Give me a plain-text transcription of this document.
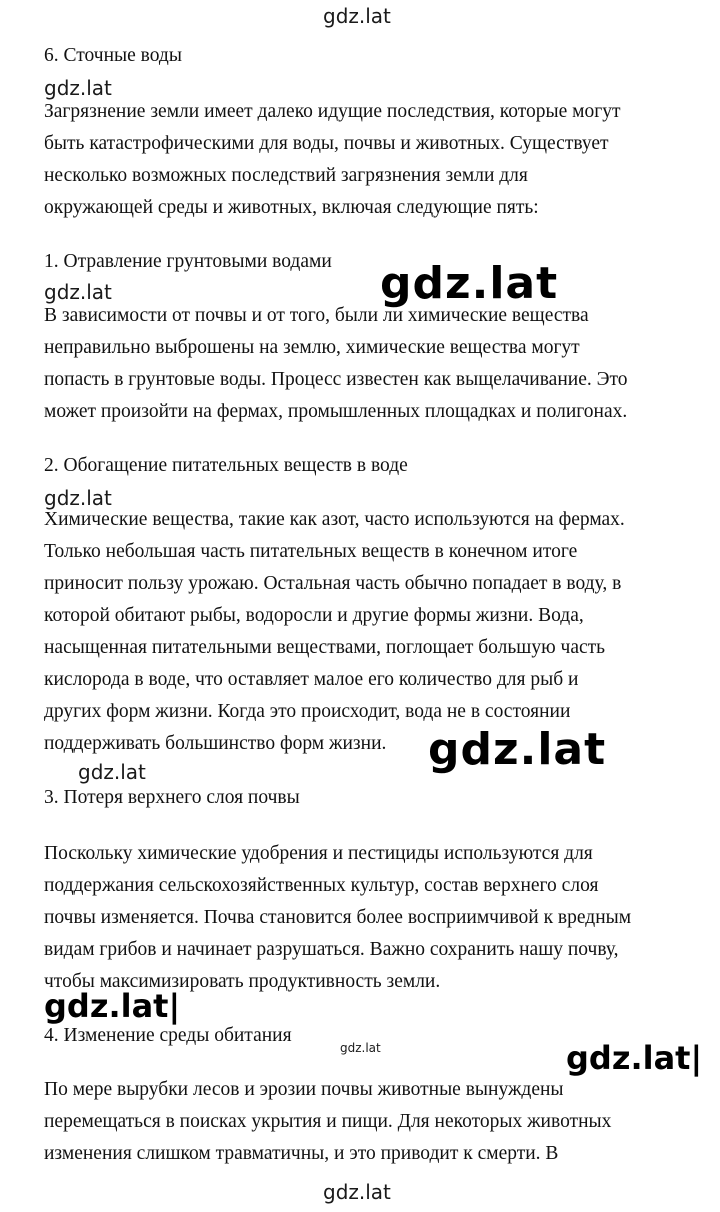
gdz.lat
gdz.lat
gdz.lat
gdz.lat
gdz.lat
gdz.lat
gdz.lat
gdz.lat|
gdz.lat	gdz.lat|
gdz.lat
6. Сточные воды
Загрязнение земли имеет далеко идущие последствия, которые могут
быть катастрофическими для воды, почвы и животных. Существует
несколько возможных последствий загрязнения земли для
окружающей среды и животных, включая следующие пять:
1. Отравление грунтовыми водами
В зависимости от почвы и от того, были ли химические вещества
неправильно выброшены на землю, химические вещества могут
попасть в грунтовые воды. Процесс известен как выщелачивание. Это
может произойти на фермах, промышленных площадках и полигонах.
2. Обогащение питательных веществ в воде
Химические вещества, такие как азот, часто используются на фермах.
Только небольшая часть питательных веществ в конечном итоге
приносит пользу урожаю. Остальная часть обычно попадает в воду, в
которой обитают рыбы, водоросли и другие формы жизни. Вода,
насыщенная питательными веществами, поглощает большую часть
кислорода в воде, что оставляет малое его количество для рыб и
других форм жизни. Когда это происходит, вода не в состоянии
поддерживать большинство форм жизни.
3. Потеря верхнего слоя почвы
Поскольку химические удобрения и пестициды используются для
поддержания сельскохозяйственных культур, состав верхнего слоя
почвы изменяется. Почва становится более восприимчивой к вредным
видам грибов и начинает разрушаться. Важно сохранить нашу почву,
чтобы максимизировать продуктивность земли.
4. Изменение среды обитания
По мере вырубки лесов и эрозии почвы животные вынуждены
перемещаться в поисках укрытия и пищи. Для некоторых животных
изменения слишком травматичны, и это приводит к смерти. В
